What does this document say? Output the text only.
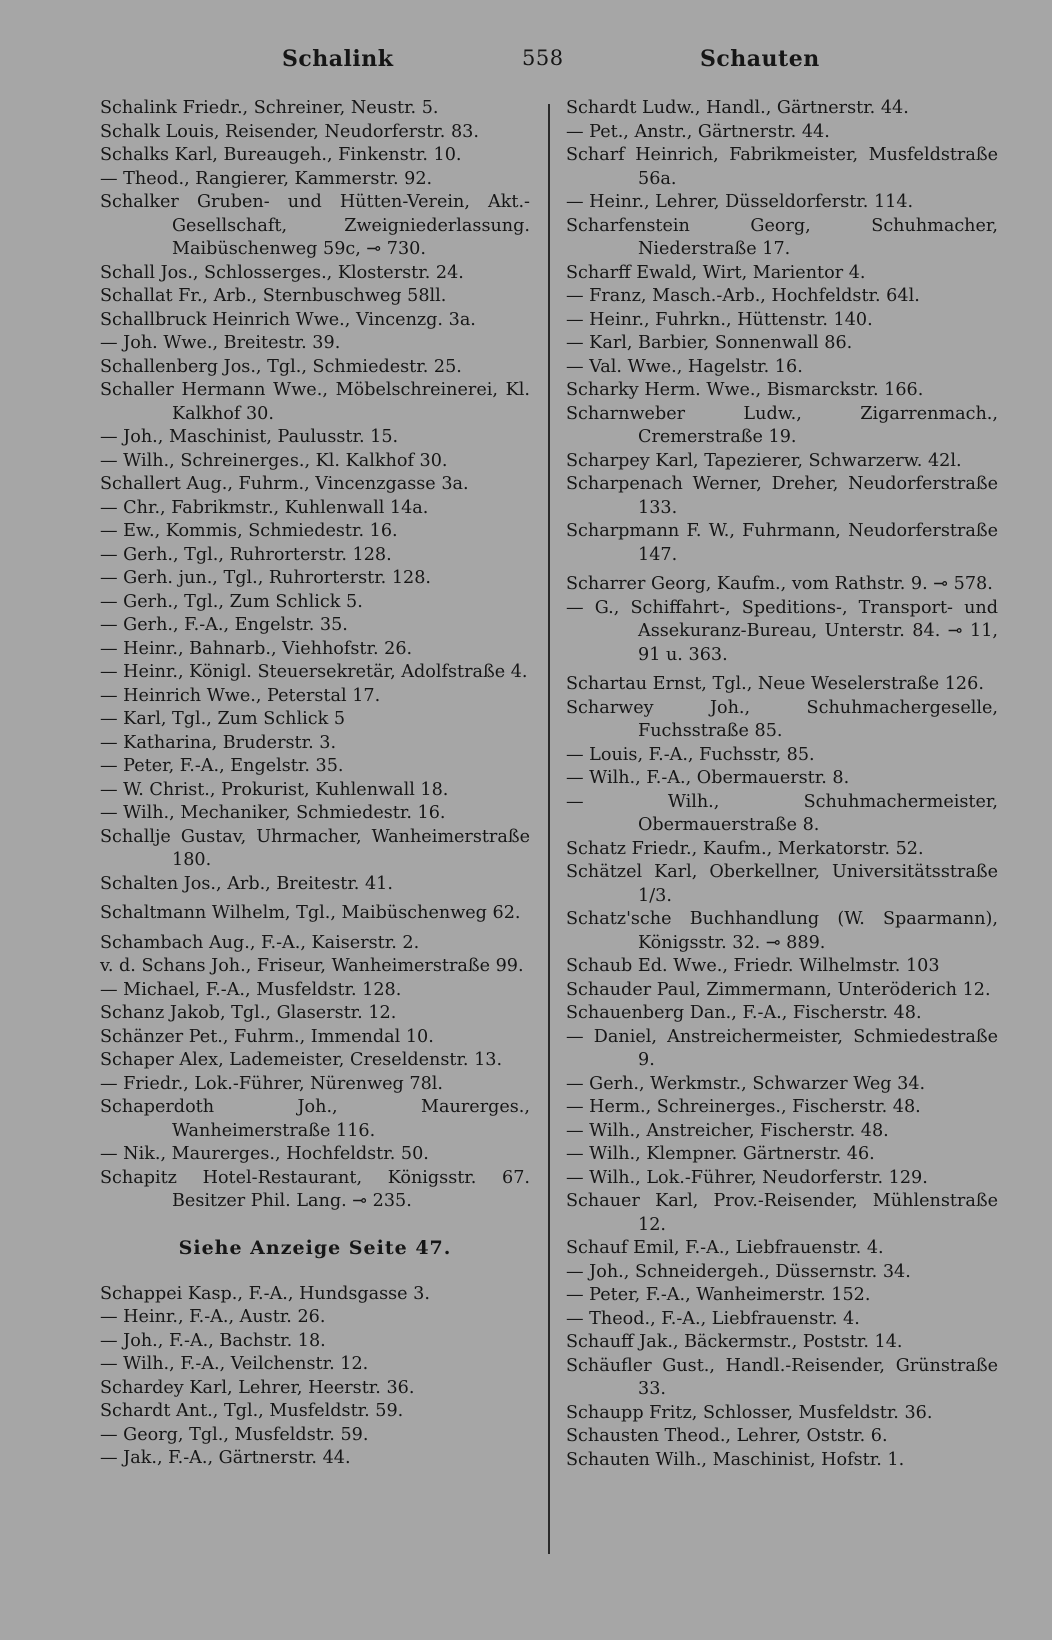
Schalink	558	Schauten
Schalink Friedr., Schreiner, Neustr. 5.
Schalk Louis, Reisender, Neudorferstr. 83.
Schalks Karl, Bureaugeh., Finkenstr. 10.
— Theod., Rangierer, Kammerstr. 92.
Schalker Gruben- und Hütten-Verein, Akt.-Gesellschaft, Zweigniederlassung. Maibüschenweg 59c, ⊸ 730.
Schall Jos., Schlosserges., Klosterstr. 24.
Schallat Fr., Arb., Sternbuschweg 58ll.
Schallbruck Heinrich Wwe., Vincenzg. 3a.
— Joh. Wwe., Breitestr. 39.
Schallenberg Jos., Tgl., Schmiedestr. 25.
Schaller Hermann Wwe., Möbelschreinerei, Kl. Kalkhof 30.
— Joh., Maschinist, Paulusstr. 15.
— Wilh., Schreinerges., Kl. Kalkhof 30.
Schallert Aug., Fuhrm., Vincenzgasse 3a.
— Chr., Fabrikmstr., Kuhlenwall 14a.
— Ew., Kommis, Schmiedestr. 16.
— Gerh., Tgl., Ruhrorterstr. 128.
— Gerh. jun., Tgl., Ruhrorterstr. 128.
— Gerh., Tgl., Zum Schlick 5.
— Gerh., F.-A., Engelstr. 35.
— Heinr., Bahnarb., Viehhofstr. 26.
— Heinr., Königl. Steuersekretär, Adolfstraße 4.
— Heinrich Wwe., Peterstal 17.
— Karl, Tgl., Zum Schlick 5
— Katharina, Bruderstr. 3.
— Peter, F.-A., Engelstr. 35.
— W. Christ., Prokurist, Kuhlenwall 18.
— Wilh., Mechaniker, Schmiedestr. 16.
Schallje Gustav, Uhrmacher, Wanheimerstraße 180.
Schalten Jos., Arb., Breitestr. 41.
Schaltmann Wilhelm, Tgl., Maibüschenweg 62.
Schambach Aug., F.-A., Kaiserstr. 2.
v. d. Schans Joh., Friseur, Wanheimerstraße 99.
— Michael, F.-A., Musfeldstr. 128.
Schanz Jakob, Tgl., Glaserstr. 12.
Schänzer Pet., Fuhrm., Immendal 10.
Schaper Alex, Lademeister, Creseldenstr. 13.
— Friedr., Lok.-Führer, Nürenweg 78l.
Schaperdoth Joh., Maurerges., Wanheimerstraße 116.
— Nik., Maurerges., Hochfeldstr. 50.
Schapitz Hotel-Restaurant, Königsstr. 67. Besitzer Phil. Lang. ⊸ 235.
Siehe Anzeige Seite 47.
Schappei Kasp., F.-A., Hundsgasse 3.
— Heinr., F.-A., Austr. 26.
— Joh., F.-A., Bachstr. 18.
— Wilh., F.-A., Veilchenstr. 12.
Schardey Karl, Lehrer, Heerstr. 36.
Schardt Ant., Tgl., Musfeldstr. 59.
— Georg, Tgl., Musfeldstr. 59.
— Jak., F.-A., Gärtnerstr. 44.
Schardt Ludw., Handl., Gärtnerstr. 44.
— Pet., Anstr., Gärtnerstr. 44.
Scharf Heinrich, Fabrikmeister, Musfeldstraße 56a.
— Heinr., Lehrer, Düsseldorferstr. 114.
Scharfenstein Georg, Schuhmacher, Niederstraße 17.
Scharff Ewald, Wirt, Marientor 4.
— Franz, Masch.-Arb., Hochfeldstr. 64l.
— Heinr., Fuhrkn., Hüttenstr. 140.
— Karl, Barbier, Sonnenwall 86.
— Val. Wwe., Hagelstr. 16.
Scharky Herm. Wwe., Bismarckstr. 166.
Scharnweber Ludw., Zigarrenmach., Cremerstraße 19.
Scharpey Karl, Tapezierer, Schwarzerw. 42l.
Scharpenach Werner, Dreher, Neudorferstraße 133.
Scharpmann F. W., Fuhrmann, Neudorferstraße 147.
Scharrer Georg, Kaufm., vom Rathstr. 9. ⊸ 578.
— G., Schiffahrt-, Speditions-, Transport- und Assekuranz-Bureau, Unterstr. 84. ⊸ 11, 91 u. 363.
Schartau Ernst, Tgl., Neue Weselerstraße 126.
Scharwey Joh., Schuhmachergeselle, Fuchsstraße 85.
— Louis, F.-A., Fuchsstr, 85.
— Wilh., F.-A., Obermauerstr. 8.
— Wilh., Schuhmachermeister, Obermauerstraße 8.
Schatz Friedr., Kaufm., Merkatorstr. 52.
Schätzel Karl, Oberkellner, Universitätsstraße 1/3.
Schatz'sche Buchhandlung (W. Spaarmann), Königsstr. 32. ⊸ 889.
Schaub Ed. Wwe., Friedr. Wilhelmstr. 103
Schauder Paul, Zimmermann, Unteröderich 12.
Schauenberg Dan., F.-A., Fischerstr. 48.
— Daniel, Anstreichermeister, Schmiedestraße 9.
— Gerh., Werkmstr., Schwarzer Weg 34.
— Herm., Schreinerges., Fischerstr. 48.
— Wilh., Anstreicher, Fischerstr. 48.
— Wilh., Klempner. Gärtnerstr. 46.
— Wilh., Lok.-Führer, Neudorferstr. 129.
Schauer Karl, Prov.-Reisender, Mühlenstraße 12.
Schauf Emil, F.-A., Liebfrauenstr. 4.
— Joh., Schneidergeh., Düssernstr. 34.
— Peter, F.-A., Wanheimerstr. 152.
— Theod., F.-A., Liebfrauenstr. 4.
Schauff Jak., Bäckermstr., Poststr. 14.
Schäufler Gust., Handl.-Reisender, Grünstraße 33.
Schaupp Fritz, Schlosser, Musfeldstr. 36.
Schausten Theod., Lehrer, Oststr. 6.
Schauten Wilh., Maschinist, Hofstr. 1.
